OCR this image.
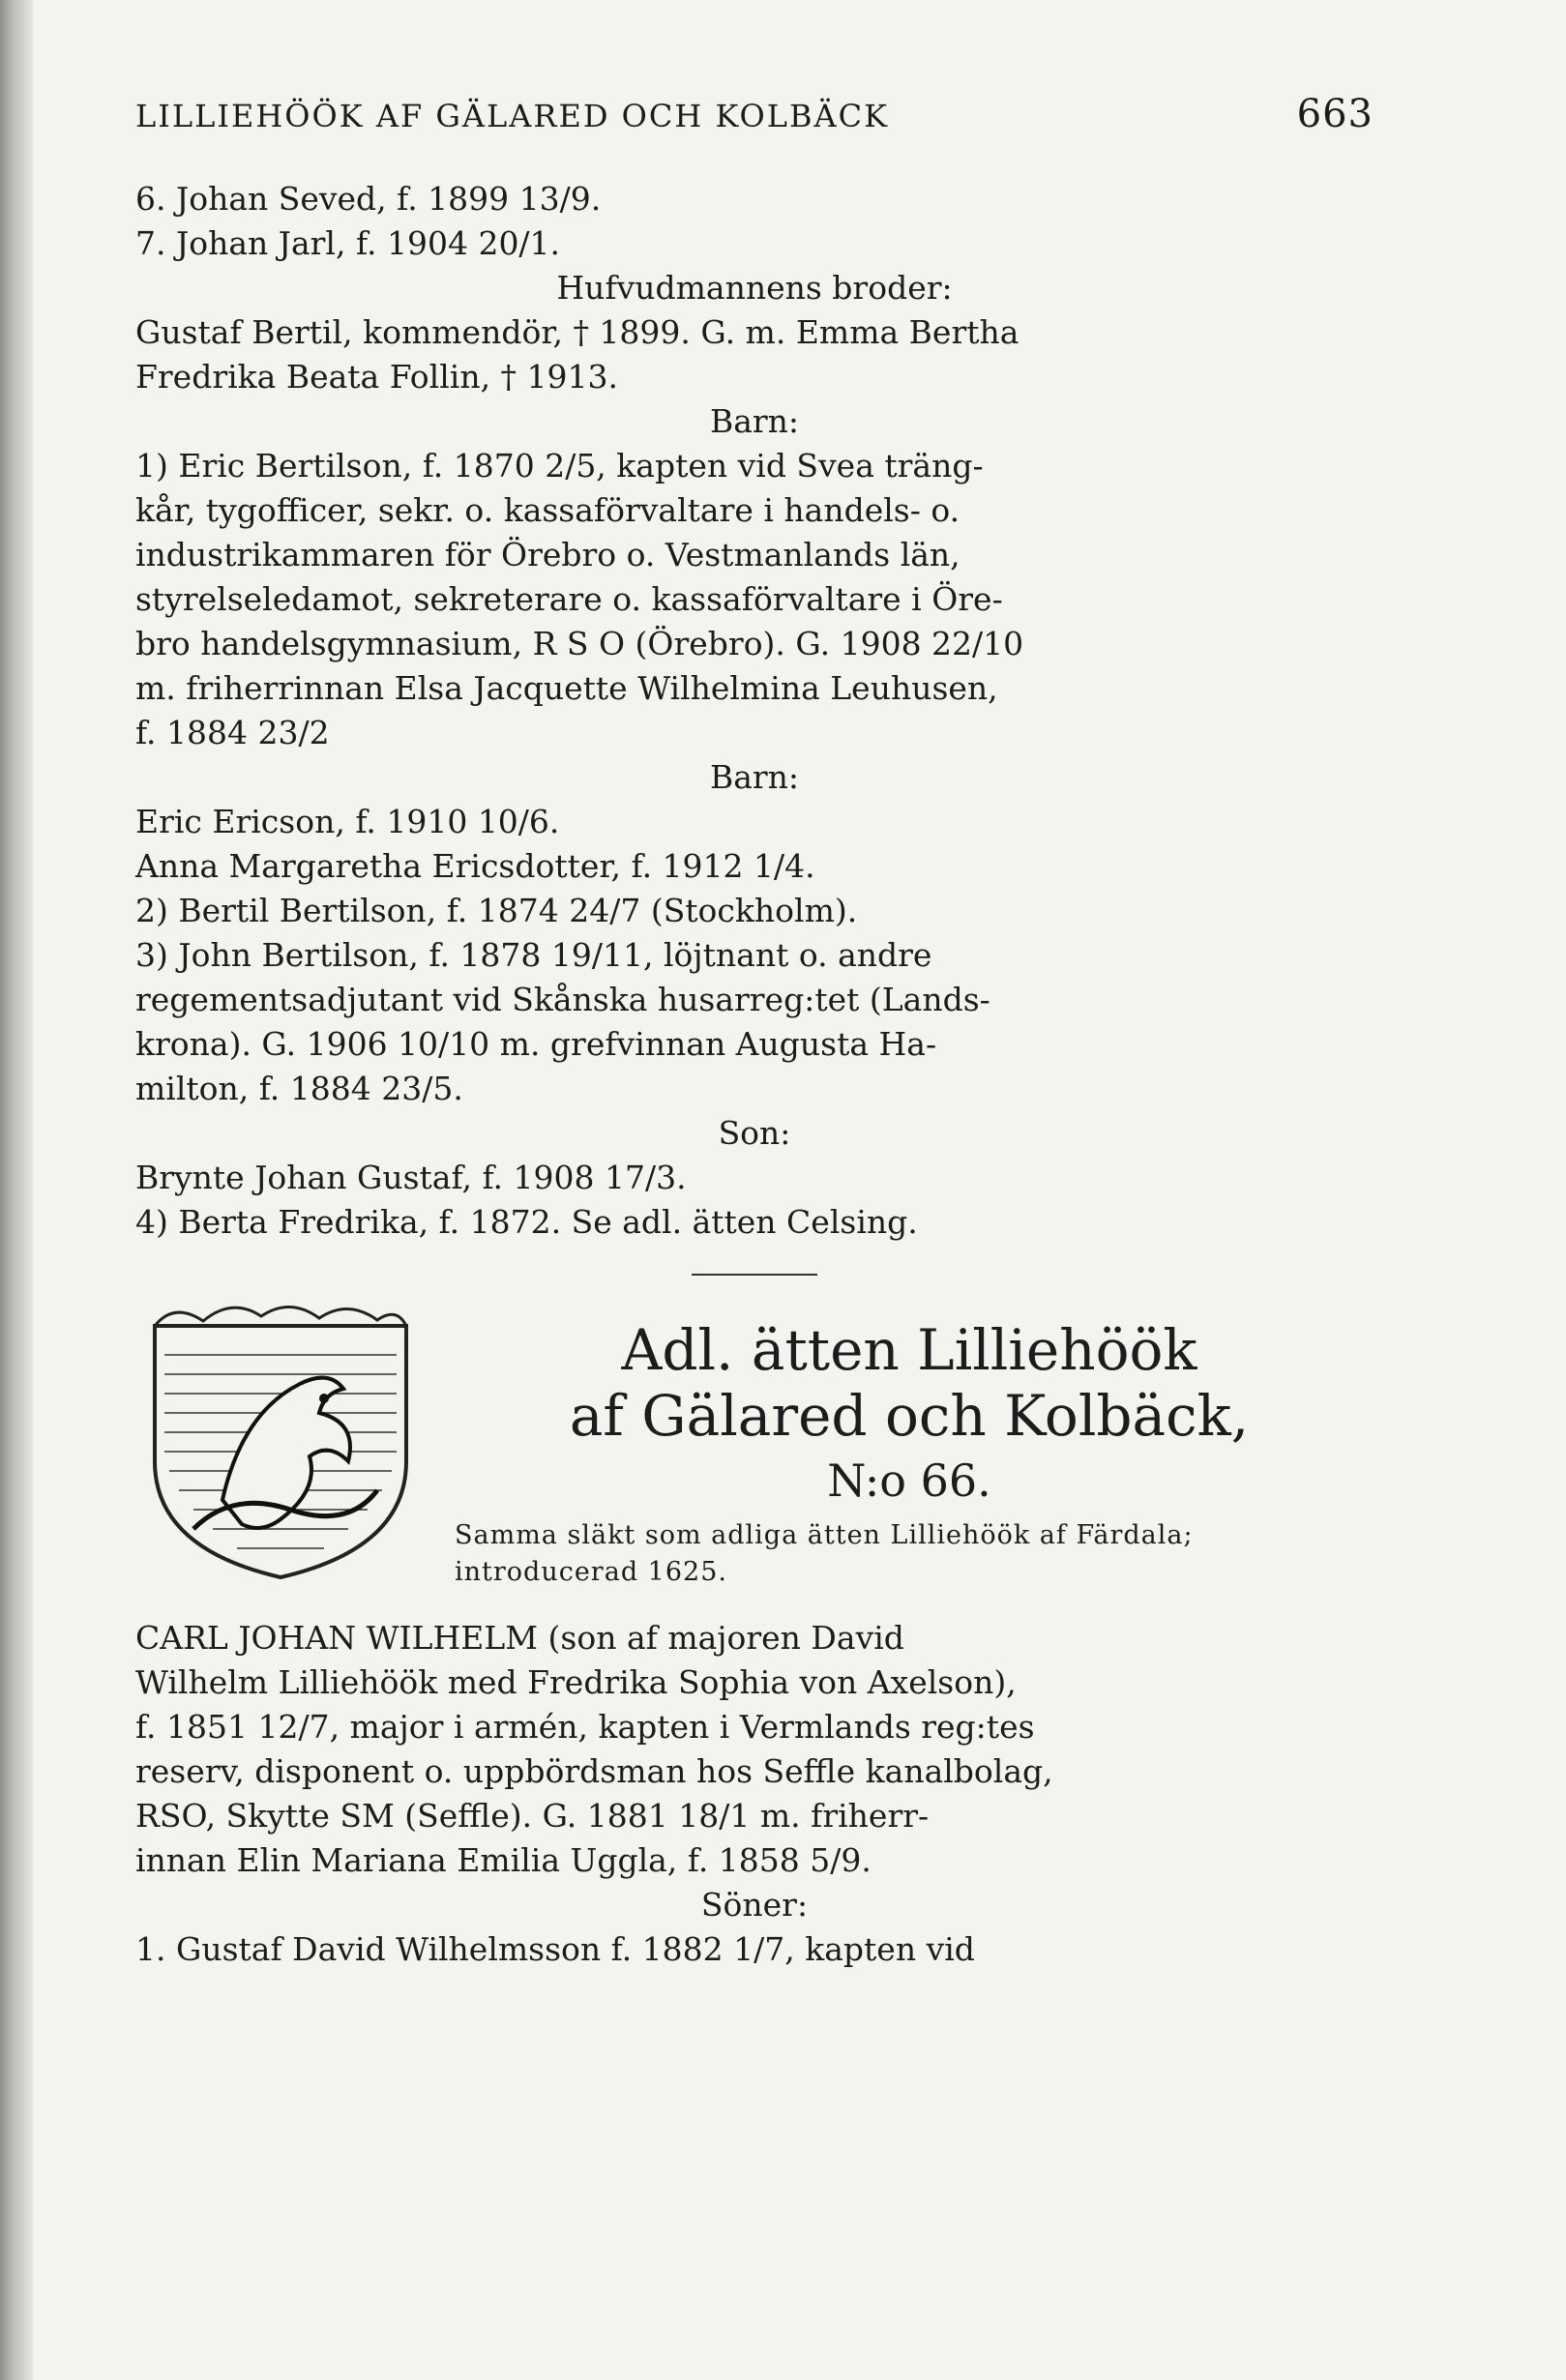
LILLIEHÖÖK AF GÄLARED OCH KOLBÄCK	663
6. Johan Seved, f. 1899 13/9.
7. Johan Jarl, f. 1904 20/1.
Hufvudmannens broder:
Gustaf Bertil, kommendör, † 1899. G. m. Emma Bertha
Fredrika Beata Follin, † 1913.
Barn:
1) Eric Bertilson, f. 1870 2/5, kapten vid Svea träng-
kår, tygofficer, sekr. o. kassaförvaltare i handels- o.
industrikammaren för Örebro o. Vestmanlands län,
styrelseledamot, sekreterare o. kassaförvaltare i Öre-
bro handelsgymnasium, R S O (Örebro). G. 1908 22/10
m. friherrinnan Elsa Jacquette Wilhelmina Leuhusen,
f. 1884 23/2
Barn:
Eric Ericson, f. 1910 10/6.
Anna Margaretha Ericsdotter, f. 1912 1/4.
2) Bertil Bertilson, f. 1874 24/7 (Stockholm).
3) John Bertilson, f. 1878 19/11, löjtnant o. andre
regementsadjutant vid Skånska husarreg:tet (Lands-
krona). G. 1906 10/10 m. grefvinnan Augusta Ha-
milton, f. 1884 23/5.
Son:
Brynte Johan Gustaf, f. 1908 17/3.
4) Berta Fredrika, f. 1872. Se adl. ätten Celsing.
Adl. ätten Lilliehöök
af Gälared och Kolbäck,
N:o 66.
Samma släkt som adliga ätten Lilliehöök af Färdala; introducerad 1625.
CARL JOHAN WILHELM (son af majoren David
Wilhelm Lilliehöök med Fredrika Sophia von Axelson),
f. 1851 12/7, major i armén, kapten i Vermlands reg:tes
reserv, disponent o. uppbördsman hos Seffle kanalbolag,
RSO, Skytte SM (Seffle). G. 1881 18/1 m. friherr-
innan Elin Mariana Emilia Uggla, f. 1858 5/9.
Söner:
1. Gustaf David Wilhelmsson f. 1882 1/7, kapten vid
